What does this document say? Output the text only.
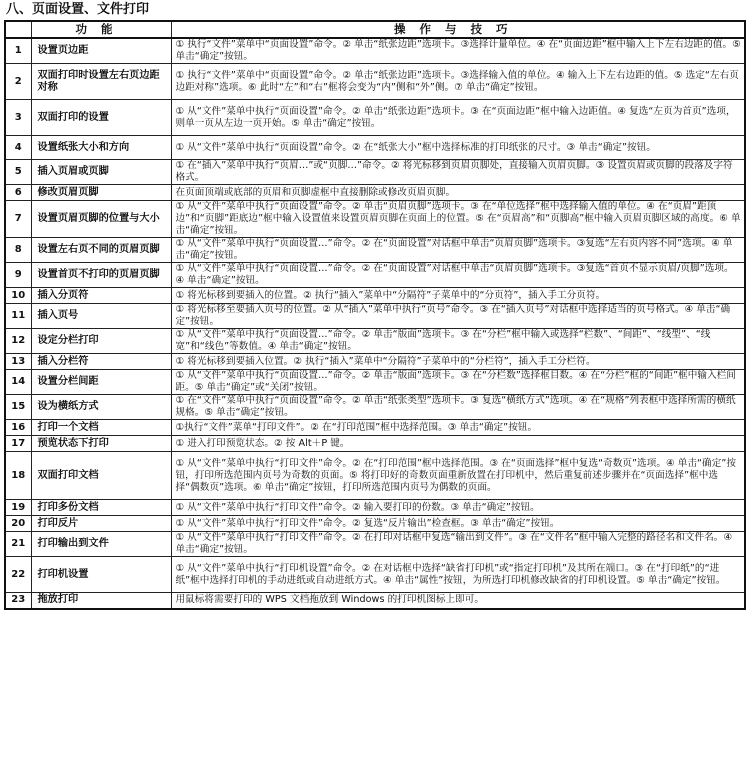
八、页面设置、文件打印
	功能	操作与技巧
1	设置页边距	① 执行“文件”菜单中“页面设置”命令。② 单击“纸张边距”选项卡。③选择计量单位。④ 在“页面边距”框中输入上下左右边距的值。⑤ 单击“确定”按钮。
2	双面打印时设置左右页边距对称	① 执行“文件”菜单中“页面设置”命令。② 单击“纸张边距”选项卡。③选择输入值的单位。④ 输入上下左右边距的值。⑤ 选定“左右页边距对称”选项。⑥ 此时“左”和“右”框将会变为“内”侧和“外”侧。⑦ 单击“确定”按钮。
3	双面打印的设置	① 从“文件”菜单中执行“页面设置”命令。② 单击“纸张边距”选项卡。③ 在“页面边距”框中输入边距值。④ 复选“左页为首页”选项，则单一页从左边一页开始。⑤ 单击“确定”按钮。
4	设置纸张大小和方向	① 从“文件”菜单中执行“页面设置”命令。② 在“纸张大小”框中选择标准的打印纸张的尺寸。③ 单击“确定”按钮。
5	插入页眉或页脚	① 在“插入”菜单中执行“页眉…”或“页脚…”命令。② 将光标移到页眉页脚处，直接输入页眉页脚。③ 设置页眉或页脚的段落及字符格式。
6	修改页眉页脚	在页面顶端或底部的页眉和页脚虚框中直接删除或修改页眉页脚。
7	设置页眉页脚的位置与大小	① 从“文件”菜单中执行“页面设置”命令。② 单击“页眉页脚”选项卡。③ 在“单位选择”框中选择输入值的单位。④ 在“页眉”距顶边”和“页脚”距底边”框中输入设置值来设置页眉页脚在页面上的位置。⑤ 在“页眉高”和“页脚高”框中输入页眉页脚区域的高度。⑥ 单击“确定”按钮。
8	设置左右页不同的页眉页脚	① 从“文件”菜单中执行“页面设置…”命令。② 在“页面设置”对话框中单击“页眉页脚”选项卡。③复选“左右页内容不同”选项。④ 单击“确定”按钮。
9	设置首页不打印的页眉页脚	① 从“文件”菜单中执行“页面设置…”命令。② 在“页面设置”对话框中单击“页眉页脚”选项卡。③复选“首页不显示页眉/页脚”选项。④ 单击“确定”按钮。
10	插入分页符	① 将光标移到要插入的位置。② 执行“插入”菜单中“分隔符”子菜单中的“分页符”，插入手工分页符。
11	插入页号	① 将光标移至要插入页号的位置。② 从“插入”菜单中执行“页号”命令。③ 在“插入页号”对话框中选择适当的页号格式。④ 单击“确定”按钮。
12	设定分栏打印	① 从“文件”菜单中执行“页面设置…”命令。② 单击“版面”选项卡。③ 在“分栏”框中输入或选择“栏数”、“间距”、“线型”、“线宽”和“线色”等数值。④ 单击“确定”按钮。
13	插入分栏符	① 将光标移到要插入位置。② 执行“插入”菜单中“分隔符”子菜单中的“分栏符”，插入手工分栏符。
14	设置分栏间距	① 从“文件”菜单中执行“页面设置…”命令。② 单击“版面”选项卡。③ 在“分栏数”选择框目数。④ 在“分栏”框的“间距”框中输入栏间距。⑤ 单击“确定”或“关闭”按钮。
15	设为横纸方式	① 在“文件”菜单中执行“页面设置”命令。② 单击“纸张类型”选项卡。③ 复选“横纸方式”选项。④ 在“规格”列表框中选择所需的横纸规格。⑤ 单击“确定”按钮。
16	打印一个文档	①执行“文件”菜单“打印文件”。② 在“打印范围”框中选择范围。③ 单击“确定”按钮。
17	预览状态下打印	① 进入打印预览状态。② 按 Alt＋P 键。
18	双面打印文档	① 从“文件”菜单中执行“打印文件”命令。② 在“打印范围”框中选择范围。③ 在“页面选择”框中复选“奇数页”选项。④ 单击“确定”按钮，打印所选范围内页号为奇数的页面。⑤ 将打印好的奇数页面重新放置在打印机中，然后重复前述步骤并在“页面选择”框中选择“偶数页”选项。⑥ 单击“确定”按钮，打印所选范围内页号为偶数的页面。
19	打印多份文档	① 从“文件”菜单中执行“打印文件”命令。② 输入要打印的份数。③ 单击“确定”按钮。
20	打印反片	① 从“文件”菜单中执行“打印文件”命令。② 复选“反片输出”检查框。③ 单击“确定”按钮。
21	打印输出到文件	① 从“文件”菜单中执行“打印文件”命令。② 在打印对话框中复选“输出到文件”。③ 在“文件名”框中输入完整的路径名和文件名。④ 单击“确定”按钮。
22	打印机设置	① 从“文件”菜单中执行“打印机设置”命令。② 在对话框中选择“缺省打印机”或“指定打印机”及其所在端口。③ 在“打印纸”的“进纸”框中选择打印机的手动进纸或自动进纸方式。④ 单击“属性”按钮，为所选打印机修改缺省的打印机设置。⑤ 单击“确定”按钮。
23	拖放打印	用鼠标将需要打印的 WPS 文档拖放到 Windows 的打印机图标上即可。
